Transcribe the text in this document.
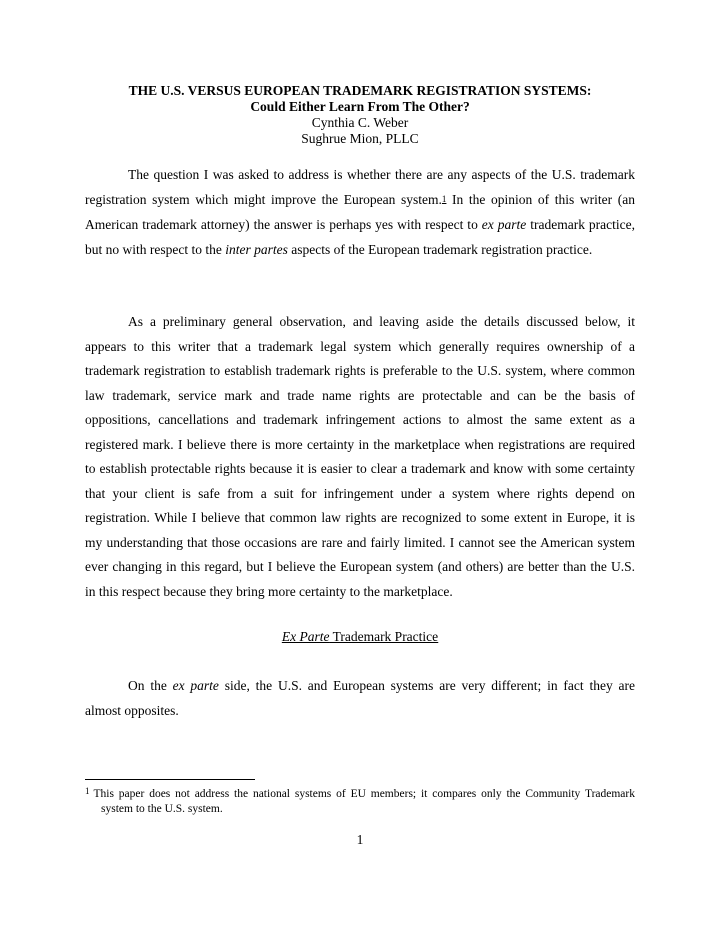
THE U.S. VERSUS EUROPEAN TRADEMARK REGISTRATION SYSTEMS:
Could Either Learn From The Other?
Cynthia C. Weber
Sughrue Mion, PLLC
The question I was asked to address is whether there are any aspects of the U.S. trademark registration system which might improve the European system.$^1$ In the opinion of this writer (an American trademark attorney) the answer is perhaps yes with respect to ex parte trademark practice, but no with respect to the inter partes aspects of the European trademark registration practice.
As a preliminary general observation, and leaving aside the details discussed below, it appears to this writer that a trademark legal system which generally requires ownership of a trademark registration to establish trademark rights is preferable to the U.S. system, where common law trademark, service mark and trade name rights are protectable and can be the basis of oppositions, cancellations and trademark infringement actions to almost the same extent as a registered mark. I believe there is more certainty in the marketplace when registrations are required to establish protectable rights because it is easier to clear a trademark and know with some certainty that your client is safe from a suit for infringement under a system where rights depend on registration. While I believe that common law rights are recognized to some extent in Europe, it is my understanding that those occasions are rare and fairly limited. I cannot see the American system ever changing in this regard, but I believe the European system (and others) are better than the U.S. in this respect because they bring more certainty to the marketplace.
Ex Parte Trademark Practice
On the ex parte side, the U.S. and European systems are very different; in fact they are almost opposites.
$^1$ This paper does not address the national systems of EU members; it compares only the Community Trademark system to the U.S. system.
1
